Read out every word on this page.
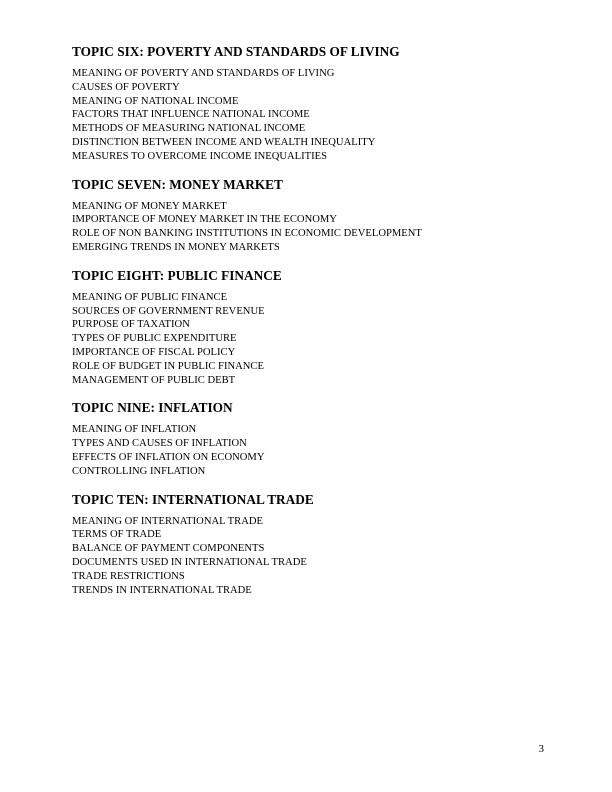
TOPIC SIX: POVERTY AND STANDARDS OF LIVING
MEANING OF POVERTY AND STANDARDS OF LIVING
CAUSES OF POVERTY
MEANING OF NATIONAL INCOME
FACTORS THAT INFLUENCE NATIONAL INCOME
METHODS OF MEASURING NATIONAL INCOME
DISTINCTION BETWEEN INCOME AND WEALTH INEQUALITY
MEASURES TO OVERCOME INCOME INEQUALITIES
TOPIC SEVEN: MONEY MARKET
MEANING OF MONEY MARKET
IMPORTANCE OF MONEY MARKET IN THE ECONOMY
ROLE OF NON BANKING INSTITUTIONS IN ECONOMIC DEVELOPMENT
EMERGING TRENDS IN MONEY MARKETS
TOPIC EIGHT: PUBLIC FINANCE
MEANING OF PUBLIC FINANCE
SOURCES OF GOVERNMENT REVENUE
PURPOSE OF TAXATION
TYPES OF PUBLIC EXPENDITURE
IMPORTANCE OF FISCAL POLICY
ROLE OF BUDGET IN PUBLIC FINANCE
MANAGEMENT OF PUBLIC DEBT
TOPIC NINE: INFLATION
MEANING OF INFLATION
TYPES AND CAUSES OF INFLATION
EFFECTS OF INFLATION ON ECONOMY
CONTROLLING INFLATION
TOPIC TEN: INTERNATIONAL TRADE
MEANING OF INTERNATIONAL TRADE
TERMS OF TRADE
BALANCE OF PAYMENT COMPONENTS
DOCUMENTS USED IN INTERNATIONAL TRADE
TRADE RESTRICTIONS
TRENDS IN INTERNATIONAL TRADE
3
